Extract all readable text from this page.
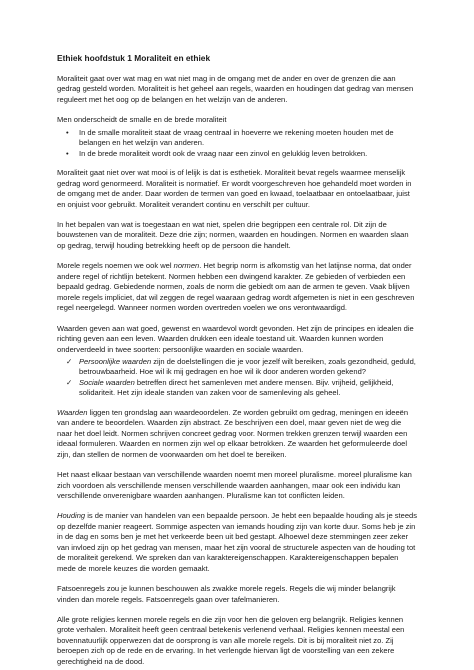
Ethiek hoofdstuk 1 Moraliteit en ethiek

Moraliteit gaat over wat mag en wat niet mag in de omgang met de ander en over de grenzen die aan gedrag gesteld worden. Moraliteit is het geheel aan regels, waarden en houdingen dat gedrag van mensen reguleert met het oog op de belangen en het welzijn van de anderen.

Men onderscheidt de smalle en de brede moraliteit

• In de smalle moraliteit staat de vraag centraal in hoeverre we rekening moeten houden met de belangen en het welzijn van anderen.
• In de brede moraliteit wordt ook de vraag naar een zinvol en gelukkig leven betrokken.

Moraliteit gaat niet over wat mooi is of lelijk is dat is esthetiek. Moraliteit bevat regels waarmee menselijk gedrag word genormeerd. Moraliteit is normatief. Er wordt voorgeschreven hoe gehandeld moet worden in de omgang met de ander. Daar worden de termen van goed en kwaad, toelaatbaar en ontoelaatbaar, juist en onjuist voor gebruikt. Moraliteit verandert continu en verschilt per cultuur.

In het bepalen van wat is toegestaan en wat niet, spelen drie begrippen een centrale rol. Dit zijn de bouwstenen van de moraliteit. Deze drie zijn; normen, waarden en houdingen. Normen en waarden slaan op gedrag, terwijl houding betrekking heeft op de persoon die handelt.

Morele regels noemen we ook wel normen. Het begrip norm is afkomstig van het latijnse norma, dat onder andere regel of richtlijn betekent. Normen hebben een dwingend karakter. Ze gebieden of verbieden een bepaald gedrag. Gebiedende normen, zoals de norm die gebiedt om aan de armen te geven. Vaak blijven morele regels impliciet, dat wil zeggen de regel waaraan gedrag wordt afgemeten is niet in een geschreven regel neergelegd. Wanneer normen worden overtreden voelen we ons verontwaardigd.

Waarden geven aan wat goed, gewenst en waardevol wordt gevonden. Het zijn de principes en idealen die richting geven aan een leven. Waarden drukken een ideale toestand uit. Waarden kunnen worden onderverdeeld in twee soorten: persoonlijke waarden en sociale waarden.

✓ Persoonlijke waarden zijn de doelstellingen die je voor jezelf wilt bereiken, zoals gezondheid, geduld, betrouwbaarheid. Hoe wil ik mij gedragen en hoe wil ik door anderen worden gekend?
✓ Sociale waarden betreffen direct het samenleven met andere mensen. Bijv. vrijheid, gelijkheid, solidariteit. Het zijn ideale standen van zaken voor de samenleving als geheel.

Waarden liggen ten grondslag aan waardeoordelen. Ze worden gebruikt om gedrag, meningen en ideeën van andere te beoordelen. Waarden zijn abstract. Ze beschrijven een doel, maar geven niet de weg die naar het doel leidt. Normen schrijven concreet gedrag voor. Normen trekken grenzen terwijl waarden een ideaal formuleren. Waarden en normen zijn wel op elkaar betrokken. Ze waarden het geformuleerde doel zijn, dan stellen de normen de voorwaarden om het doel te bereiken.

Het naast elkaar bestaan van verschillende waarden noemt men moreel pluralisme. moreel pluralisme kan zich voordoen als verschillende mensen verschillende waarden aanhangen, maar ook een individu kan verschillende onverenigbare waarden aanhangen. Pluralisme kan tot conflicten leiden.

Houding is de manier van handelen van een bepaalde persoon. Je hebt een bepaalde houding als je steeds op dezelfde manier reageert. Sommige aspecten van iemands houding zijn van korte duur. Soms heb je zin in de dag en soms ben je met het verkeerde been uit bed gestapt. Alhoewel deze stemmingen zeer zeker van invloed zijn op het gedrag van mensen, maar het zijn vooral de structurele aspecten van de houding tot de moraliteit gerekend. We spreken dan van karaktereigenschappen. Karaktereigenschappen bepalen mede de morele keuzes die worden gemaakt.

Fatsoenregels zou je kunnen beschouwen als zwakke morele regels. Regels die wij minder belangrijk vinden dan morele regels. Fatsoenregels gaan over tafelmanieren.

Alle grote religies kennen morele regels en die zijn voor hen die geloven erg belangrijk. Religies kennen grote verhalen. Moraliteit heeft geen centraal betekenis verlenend verhaal. Religies kennen meestal een bovennatuurlijk opperwezen dat de oorsprong is van alle morele regels. Dit is bij moraliteit niet zo. Zij beroepen zich op de rede en de ervaring. In het verlengde hiervan ligt de voorstelling van een zekere gerechtigheid na de dood.
